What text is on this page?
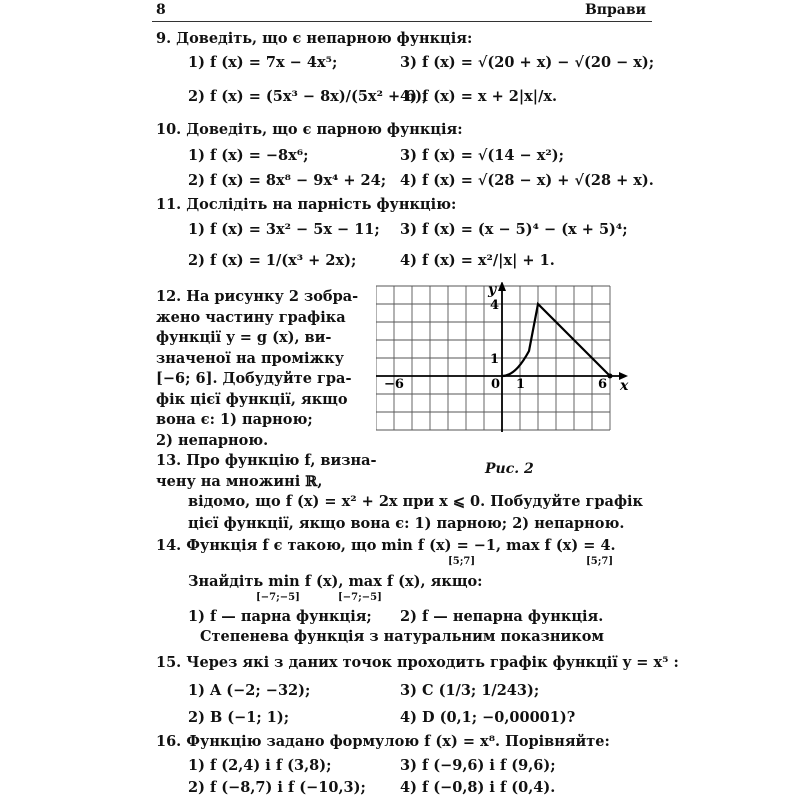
8	Вправи
9. Доведіть, що є непарною функція:
1) f (x) = 7x − 4x⁵;	3) f (x) = √(20 + x) − √(20 − x);
2) f (x) = (5x³ − 8x)/(5x² + 6);
4) f (x) = x + 2|x|/x.
10. Доведіть, що є парною функція:
1) f (x) = −8x⁶;	3) f (x) = √(14 − x²);
2) f (x) = 8x⁸ − 9x⁴ + 24; 4) f (x) = √(28 − x) + √(28 + x).
11. Дослідіть на парність функцію:
1) f (x) = 3x² − 5x − 11; 3) f (x) = (x − 5)⁴ − (x + 5)⁴;
2) f (x) = 1/(x³ + 2x);	4) f (x) = x²/|x| + 1.
12. На рисунку 2 зобра-
жено частину графіка
функції y = g (x), ви-
значеної на проміжку
[−6; 6]. Добудуйте гра-
фік цієї функції, якщо
вона є: 1) парною;
2) непарною.
13. Про функцію f, визна-
чену на множині ℝ,
x
y
−6	0 1	6
1
4
Рис. 2
відомо, що f (x) = x² + 2x при x ⩽ 0. Побудуйте графік
цієї функції, якщо вона є: 1) парною; 2) непарною.
14. Функція f є такою, що min f (x) = −1, max f (x) = 4.
[5;7]	[5;7]
Знайдіть min f (x), max f (x), якщо:
[−7;−5]	[−7;−5]
1) f — парна функція; 2) f — непарна функція.
Степенева функція з натуральним показником
15. Через які з даних точок проходить графік функції y = x⁵ :
1) A (−2; −32);	3) C (1/3; 1/243);
2) B (−1; 1);	4) D (0,1; −0,00001)?
16. Функцію задано формулою f (x) = x⁸. Порівняйте:
1) f (2,4) і f (3,8);	3) f (−9,6) і f (9,6);
2) f (−8,7) і f (−10,3); 4) f (−0,8) і f (0,4).
